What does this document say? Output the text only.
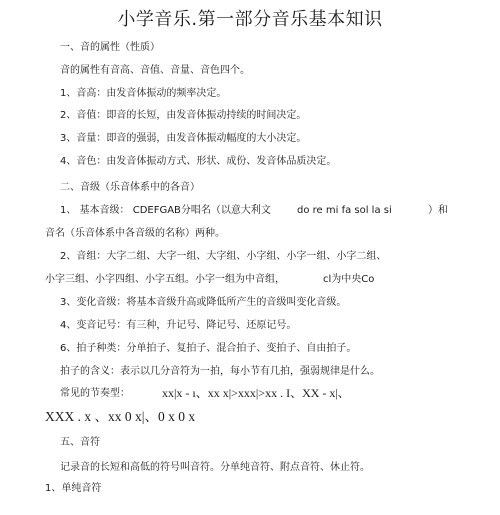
小学音乐.第一部分音乐基本知识
一、音的属性（性质）
音的属性有音高、音值、音量、音色四个。
1、音高：由发音体振动的频率决定。
2、音值：即音的长短，由发音体振动持续的时间决定。
3、音量：即音的强弱，由发音体振动幅度的大小决定。
4、音色：由发音体振动方式、形状、成份、发音体品质决定。
二、音级（乐音体系中的各音）
1、 基本音级： CDEFGAB分唱名（以意大利文	do re mi fa sol la si	）和
音名（乐音体系中各音级的名称）两种。
2、音组：大字二组、大字一组、大字组、小字组、小字一组、小字二组、
小字三组、小字四组、小字五组。小字一组为中音组，	cl为中央Co
3、变化音级：将基本音级升高或降低所产生的音级叫变化音级。
4、变音记号：有三种，升记号、降记号、还原记号。
6、拍子种类：分单拍子、复拍子、混合拍子、变拍子、自由拍子。
拍子的含义：表示以几分音符为一拍，每小节有几拍，强弱规律是什么。
常见的节奏型：	xx|x - ı、xx x|>xxx|>xx . I、XX - x|、
XXX . x 、xx 0 x|、0 x 0 x
五、音符
记录音的长短和高低的符号叫音符。分单纯音符、附点音符、休止符。
1、单纯音符
